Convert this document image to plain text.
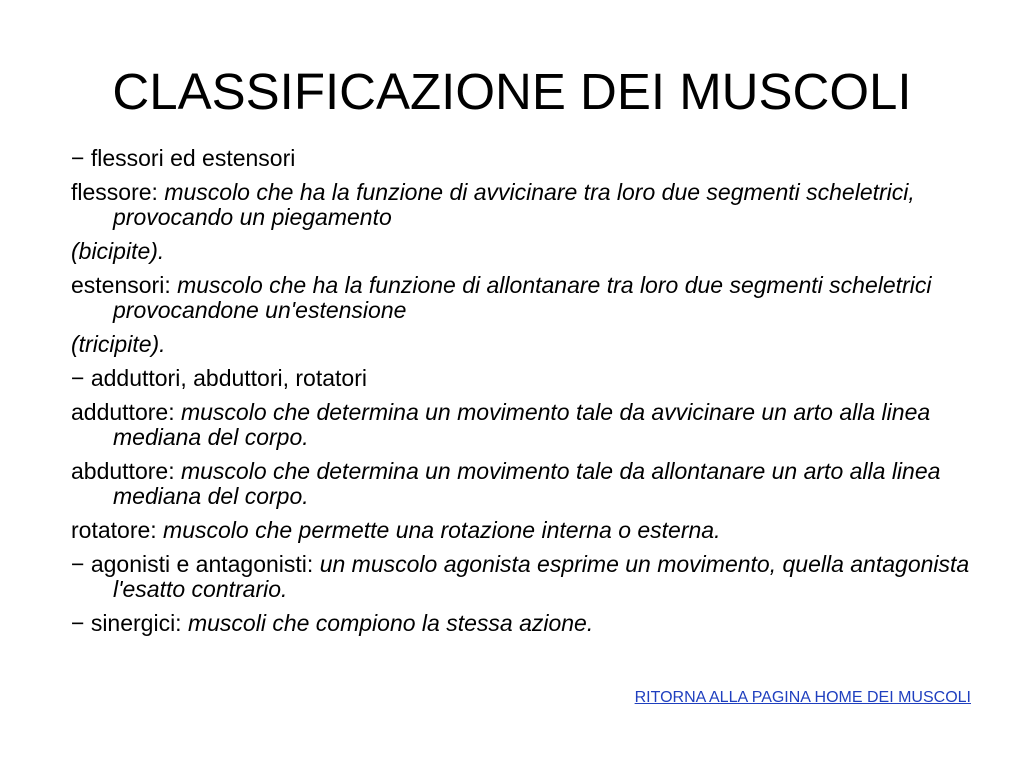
CLASSIFICAZIONE DEI MUSCOLI

− flessori ed estensori

flessore: muscolo che ha la funzione di avvicinare tra loro due segmenti scheletrici, provocando un piegamento

(bicipite).

estensori: muscolo che ha la funzione di allontanare tra loro due segmenti scheletrici provocandone un'estensione

(tricipite).

− adduttori, abduttori, rotatori

adduttore: muscolo che determina un movimento tale da avvicinare un arto alla linea mediana del corpo.

abduttore: muscolo che determina un movimento tale da allontanare un arto alla linea mediana del corpo.

rotatore: muscolo che permette una rotazione interna o esterna.

− agonisti e antagonisti: un muscolo agonista esprime un movimento, quella antagonista l'esatto contrario.

− sinergici: muscoli che compiono la stessa azione.

RITORNA ALLA PAGINA HOME DEI MUSCOLI
